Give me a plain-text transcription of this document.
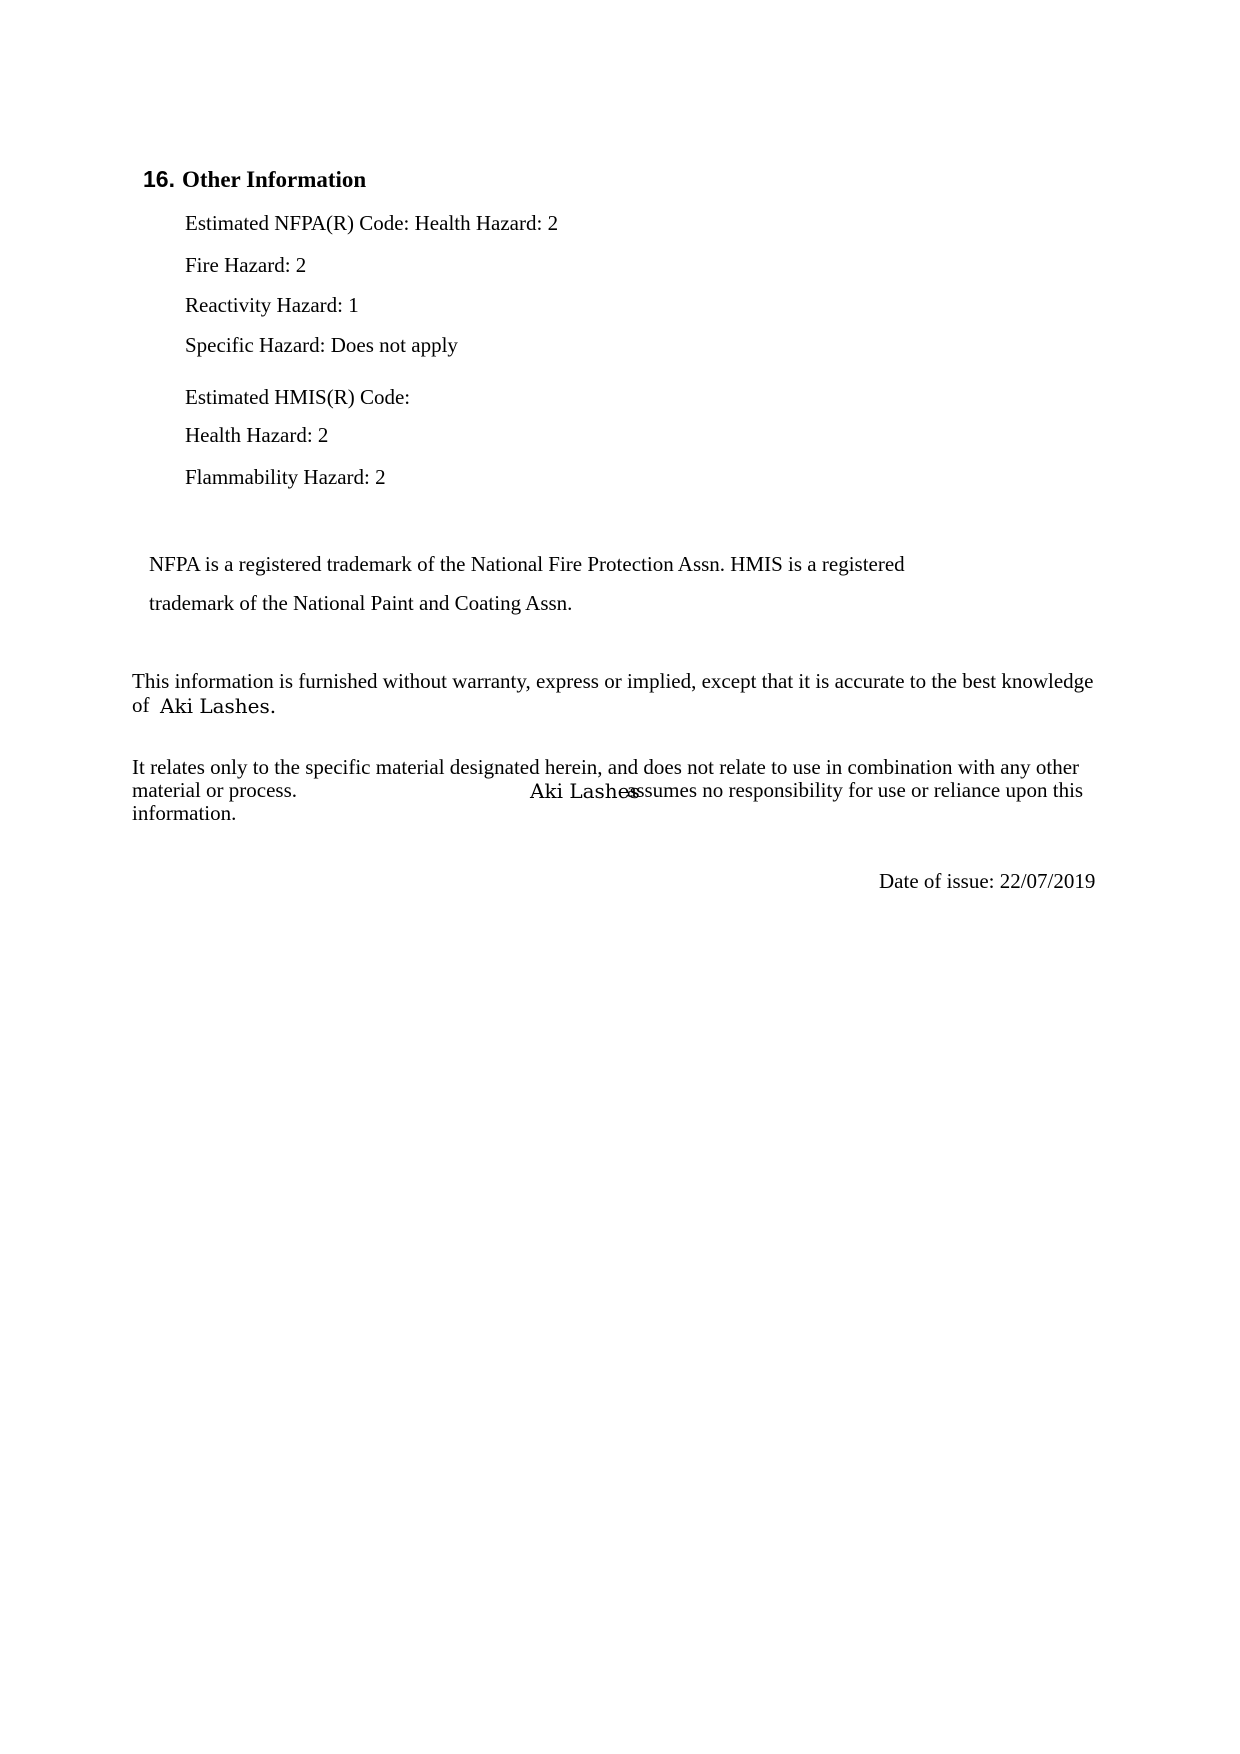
16. Other Information
Estimated NFPA(R) Code: Health Hazard: 2
Fire Hazard: 2
Reactivity Hazard: 1
Specific Hazard: Does not apply
Estimated HMIS(R) Code:
Health Hazard: 2
Flammability Hazard: 2
NFPA is a registered trademark of the National Fire Protection Assn. HMIS is a registered
trademark of the National Paint and Coating Assn.
This information is furnished without warranty, express or implied, except that it is accurate to the best knowledge
of Aki Lashes.
It relates only to the specific material designated herein, and does not relate to use in combination with any other
material or process.	Aki Lashes
assumes no responsibility for use or reliance upon this
information.
Date of issue: 22/07/2019
